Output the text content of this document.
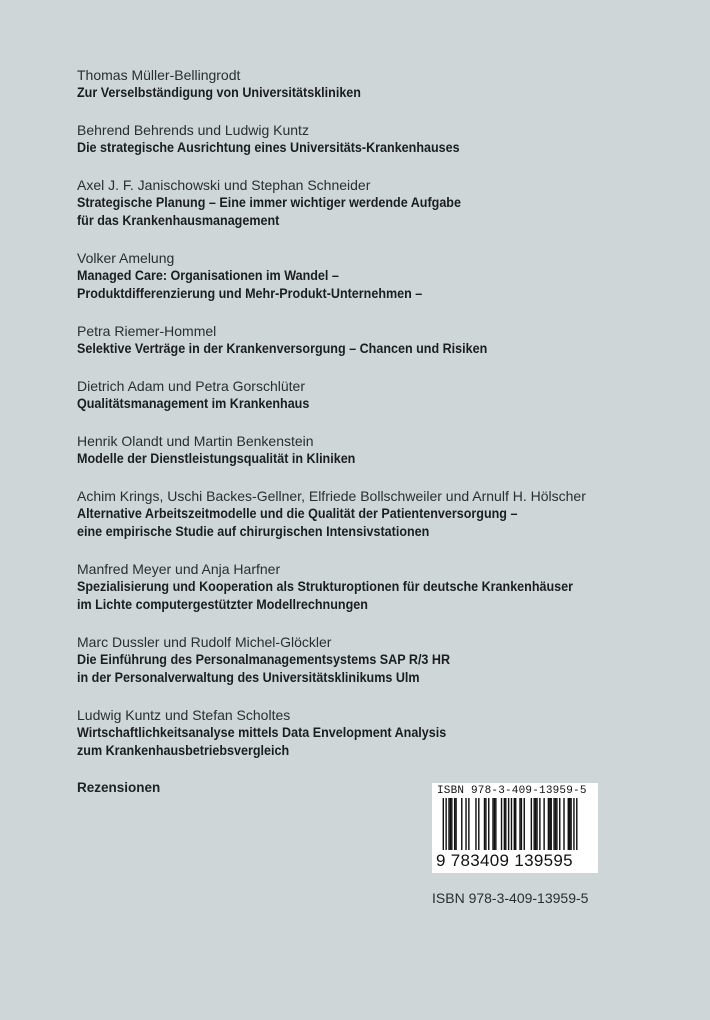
Thomas Müller-Bellingrodt
Zur Verselbständigung von Universitätskliniken
Behrend Behrends und Ludwig Kuntz
Die strategische Ausrichtung eines Universitäts-Krankenhauses
Axel J. F. Janischowski und Stephan Schneider
Strategische Planung – Eine immer wichtiger werdende Aufgabe
für das Krankenhausmanagement
Volker Amelung
Managed Care: Organisationen im Wandel –
Produktdifferenzierung und Mehr-Produkt-Unternehmen –
Petra Riemer-Hommel
Selektive Verträge in der Krankenversorgung – Chancen und Risiken
Dietrich Adam und Petra Gorschlüter
Qualitätsmanagement im Krankenhaus
Henrik Olandt und Martin Benkenstein
Modelle der Dienstleistungsqualität in Kliniken
Achim Krings, Uschi Backes-Gellner, Elfriede Bollschweiler und Arnulf H. Hölscher
Alternative Arbeitszeitmodelle und die Qualität der Patientenversorgung –
eine empirische Studie auf chirurgischen Intensivstationen
Manfred Meyer und Anja Harfner
Spezialisierung und Kooperation als Strukturoptionen für deutsche Krankenhäuser
im Lichte computergestützter Modellrechnungen
Marc Dussler und Rudolf Michel-Glöckler
Die Einführung des Personalmanagementsystems SAP R/3 HR
in der Personalverwaltung des Universitätsklinikums Ulm
Ludwig Kuntz und Stefan Scholtes
Wirtschaftlichkeitsanalyse mittels Data Envelopment Analysis
zum Krankenhausbetriebsvergleich
Rezensionen	ISBN 978-3-409-13959-5
9 783409 139595
ISBN 978-3-409-13959-5
